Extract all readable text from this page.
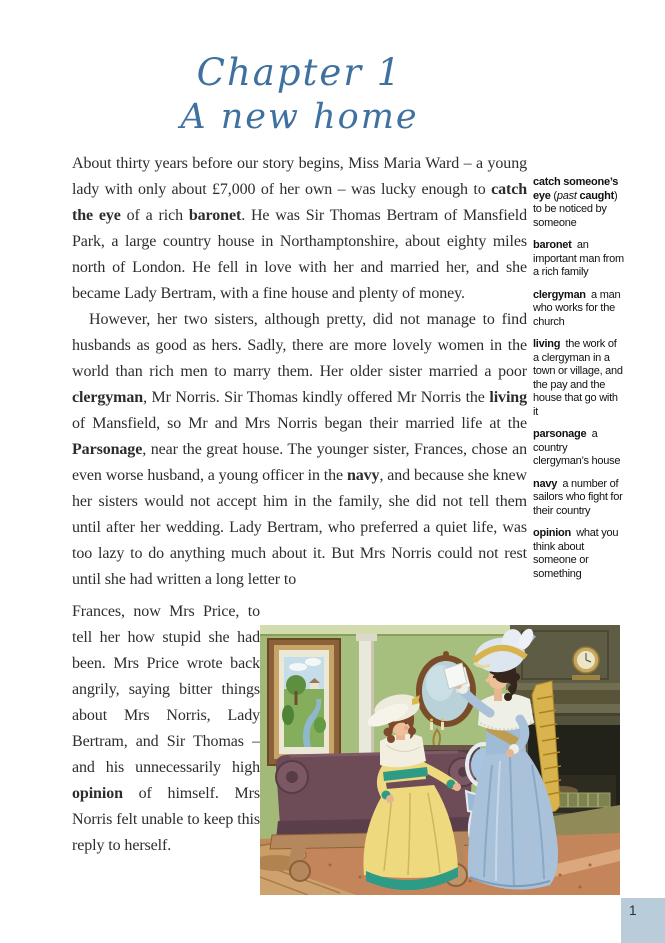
Chapter 1
A new home

About thirty years before our story begins, Miss Maria Ward – a young lady with only about £7,000 of her own – was lucky enough to catch the eye of a rich baronet. He was Sir Thomas Bertram of Mansfield Park, a large country house in Northamptonshire, about eighty miles north of London. He fell in love with her and married her, and she became Lady Bertram, with a fine house and plenty of money.

However, her two sisters, although pretty, did not manage to find husbands as good as hers. Sadly, there are more lovely women in the world than rich men to marry them. Her older sister married a poor clergyman, Mr Norris. Sir Thomas kindly offered Mr Norris the living of Mansfield, so Mr and Mrs Norris began their married life at the Parsonage, near the great house. The younger sister, Frances, chose an even worse husband, a young officer in the navy, and because she knew her sisters would not accept him in the family, she did not tell them until after her wedding. Lady Bertram, who preferred a quiet life, was too lazy to do anything much about it. But Mrs Norris could not rest until she had written a long letter to

Frances, now Mrs Price, to tell her how stupid she had been. Mrs Price wrote back angrily, saying bitter things about Mrs Norris, Lady Bertram, and Sir Thomas – and his unnecessarily high opinion of himself. Mrs Norris felt unable to keep this reply to herself.

catch someone’s eye (past caught) to be noticed by someone
baronet an important man from a rich family
clergyman a man who works for the church
living the work of a clergyman in a town or village, and the pay and the house that go with it
parsonage a country clergyman’s house
navy a number of sailors who fight for their country
opinion what you think about someone or something
1
